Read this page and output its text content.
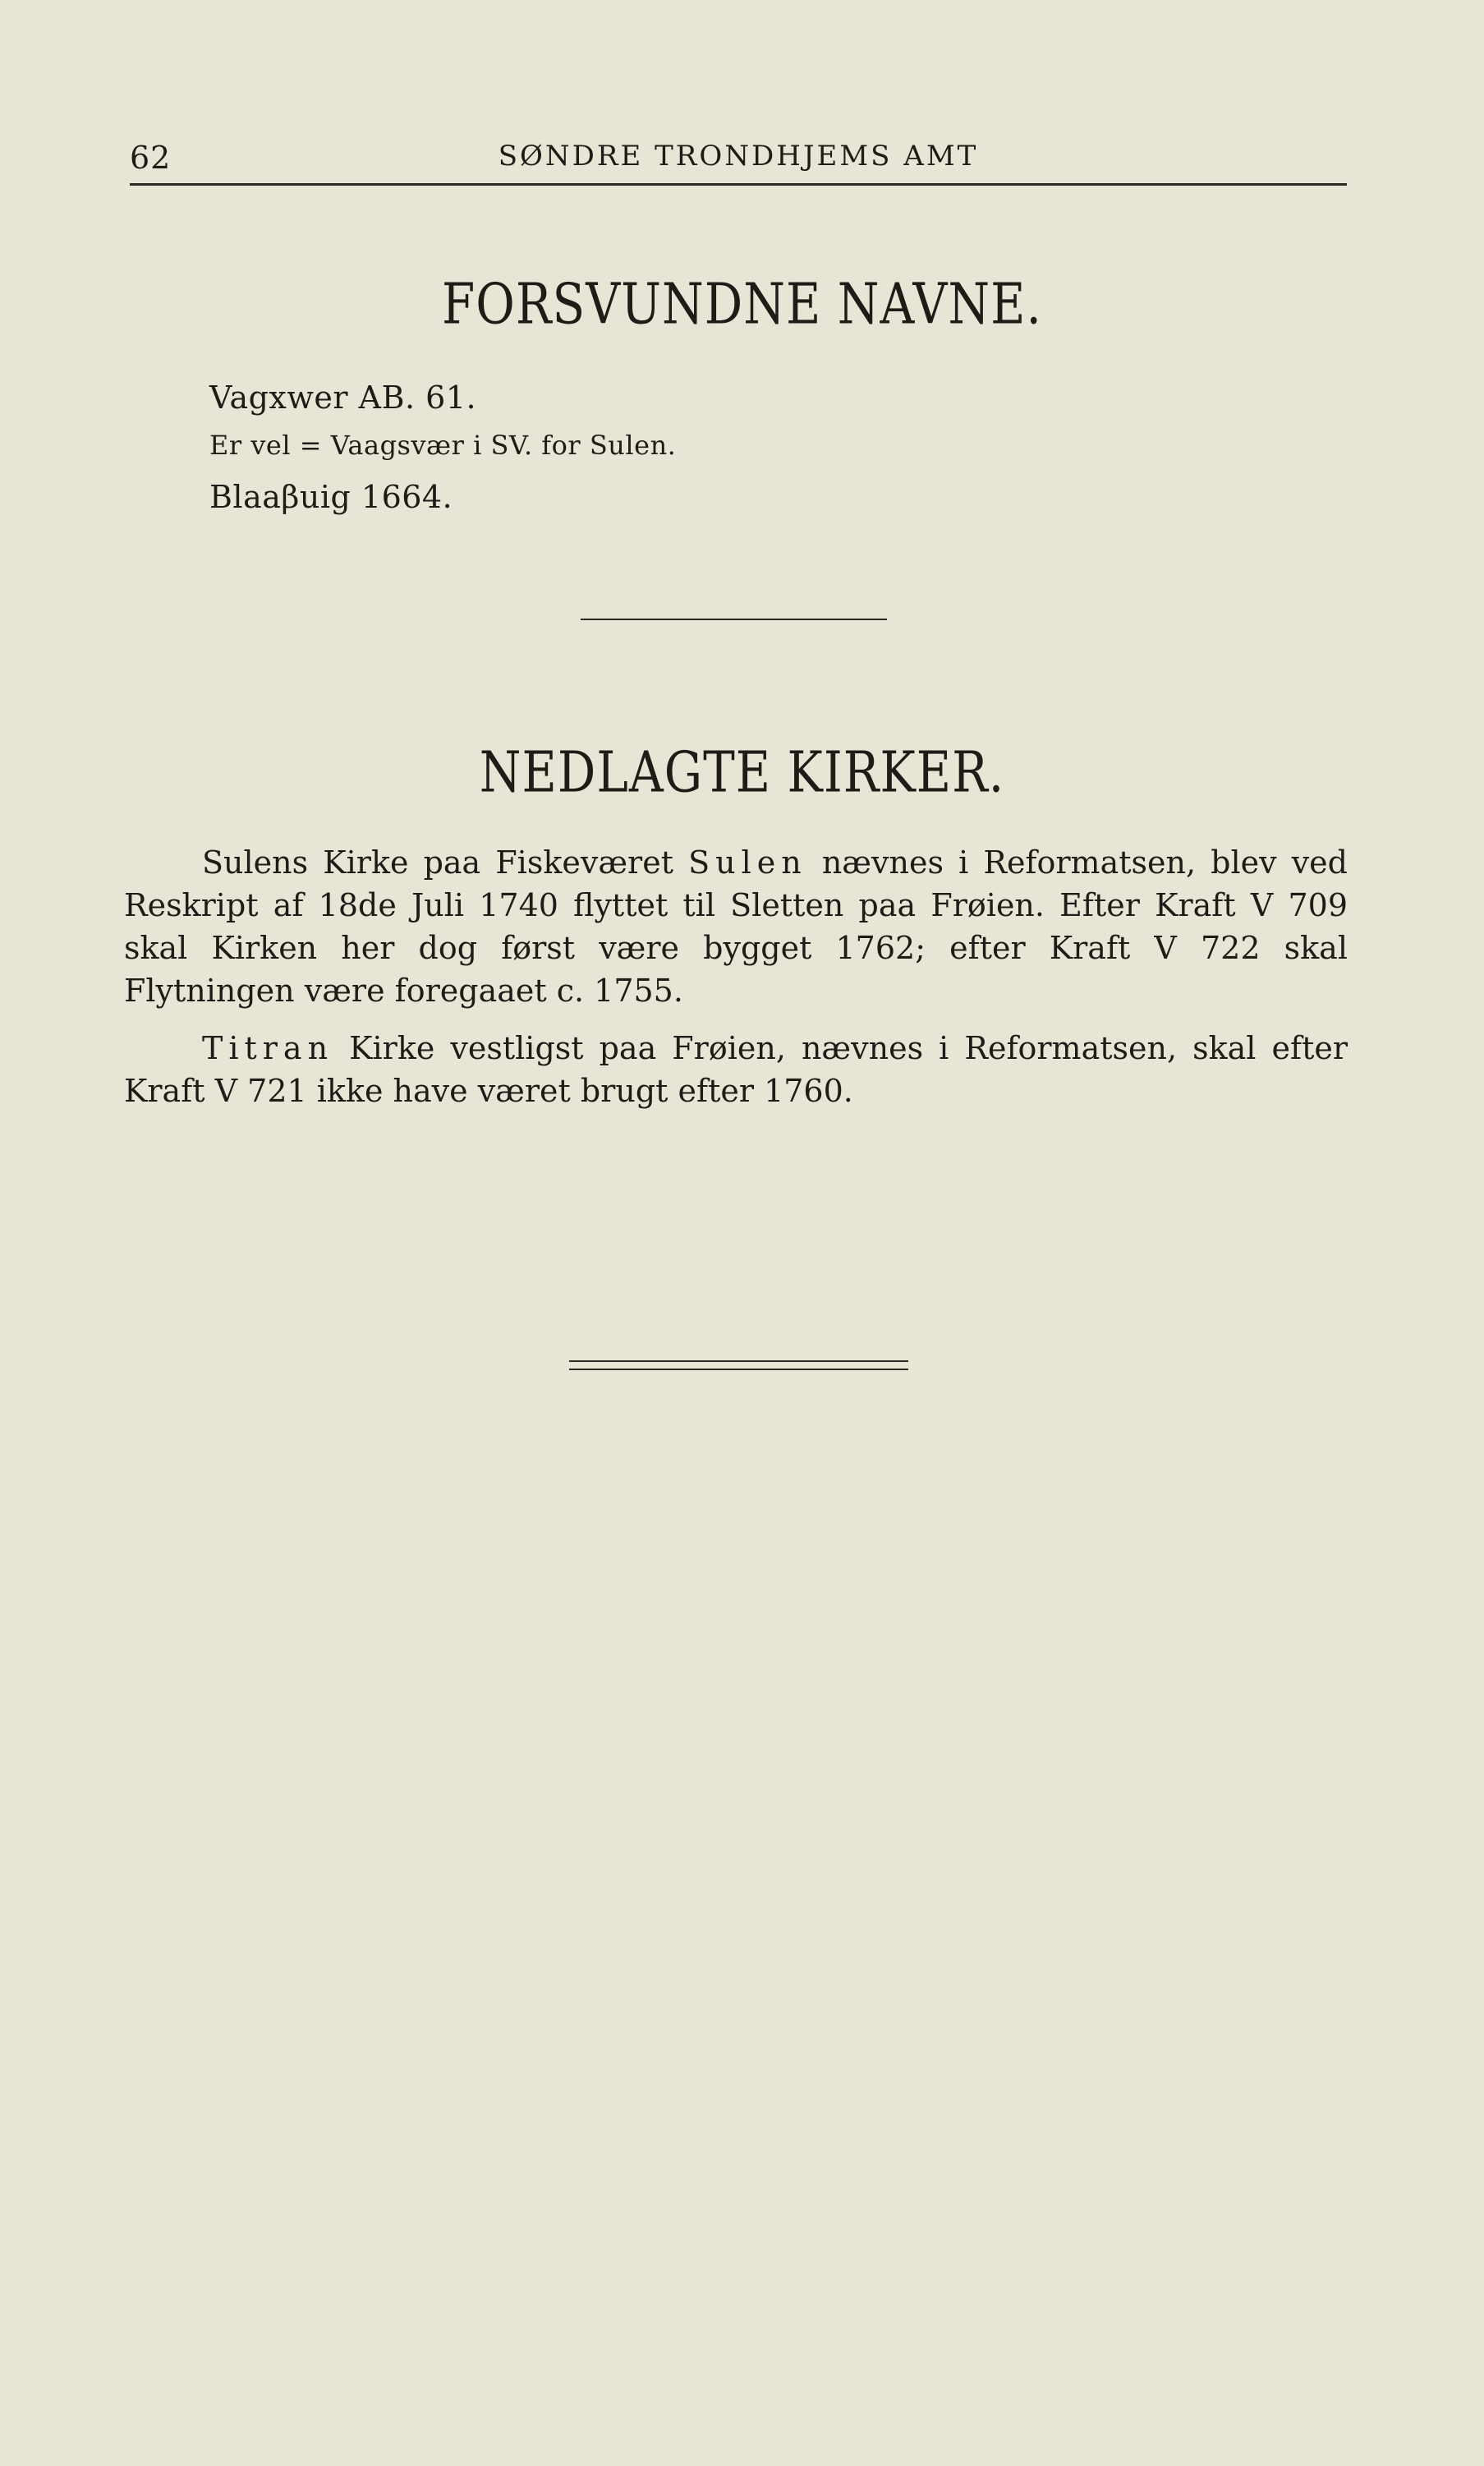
62	SØNDRE TRONDHJEMS AMT
FORSVUNDNE NAVNE.
Vagxwer AB. 61.
Er vel = Vaagsvær i SV. for Sulen.
Blaaβuig 1664.
NEDLAGTE KIRKER.
Sulens Kirke paa Fiskeværet Sulen nævnes i Reformatsen, blev ved Reskript af 18de Juli 1740 flyttet til Sletten paa Frøien. Efter Kraft V 709 skal Kirken her dog først være bygget 1762; efter Kraft V 722 skal Flytningen være foregaaet c. 1755.
Titran Kirke vestligst paa Frøien, nævnes i Reformatsen, skal efter Kraft V 721 ikke have været brugt efter 1760.
